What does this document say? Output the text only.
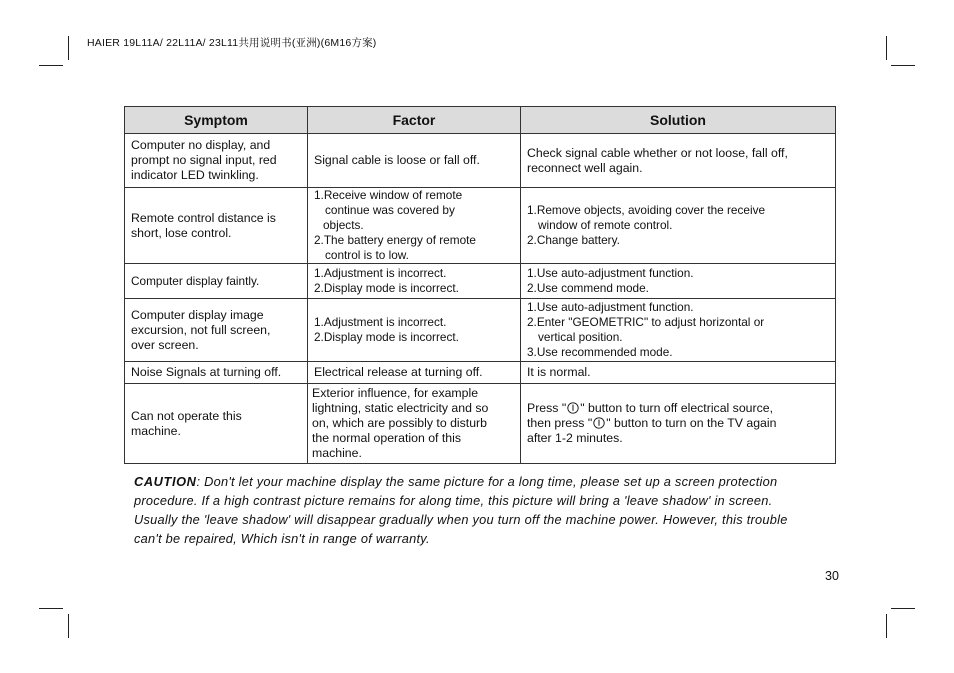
HAIER 19L11A/ 22L11A/ 23L11共用说明书(亚洲)(6M16方案)
Symptom	Factor	Solution

Computer no display, and
prompt no signal input, red
indicator LED twinkling.	Signal cable is loose or fall off.	Check signal cable whether or not loose, fall off,
reconnect well again.

Remote control distance is
short, lose control.	1.Receive window of remote
continue was covered by
objects.
2.The battery energy of remote
control is to low.	1.Remove objects, avoiding cover the receive
window of remote control.
2.Change battery.

Computer display faintly.	1.Adjustment is incorrect.
2.Display mode is incorrect.	1.Use auto-adjustment function.
2.Use commend mode.

Computer display image
excursion, not full screen,
over screen.	1.Adjustment is incorrect.
2.Display mode is incorrect.	1.Use auto-adjustment function.
2.Enter "GEOMETRIC" to adjust horizontal or
vertical position.
3.Use recommended mode.

Noise Signals at turning off.	Electrical release at turning off.	It is normal.

Can not operate this
machine.	Exterior influence, for example
lightning, static electricity and so
on, which are possibly to disturb
the normal operation of this
machine.	Press " " button to turn off electrical source,
then press " " button to turn on the TV again
after 1-2 minutes.
CAUTION: Don't let your machine display the same picture for a long time, please set up a screen protection
procedure. If a high contrast picture remains for along time, this picture will bring a 'leave shadow' in screen.
Usually the 'leave shadow' will disappear gradually when you turn off the machine power. However, this trouble
can't be repaired, Which isn't in range of warranty.
30
